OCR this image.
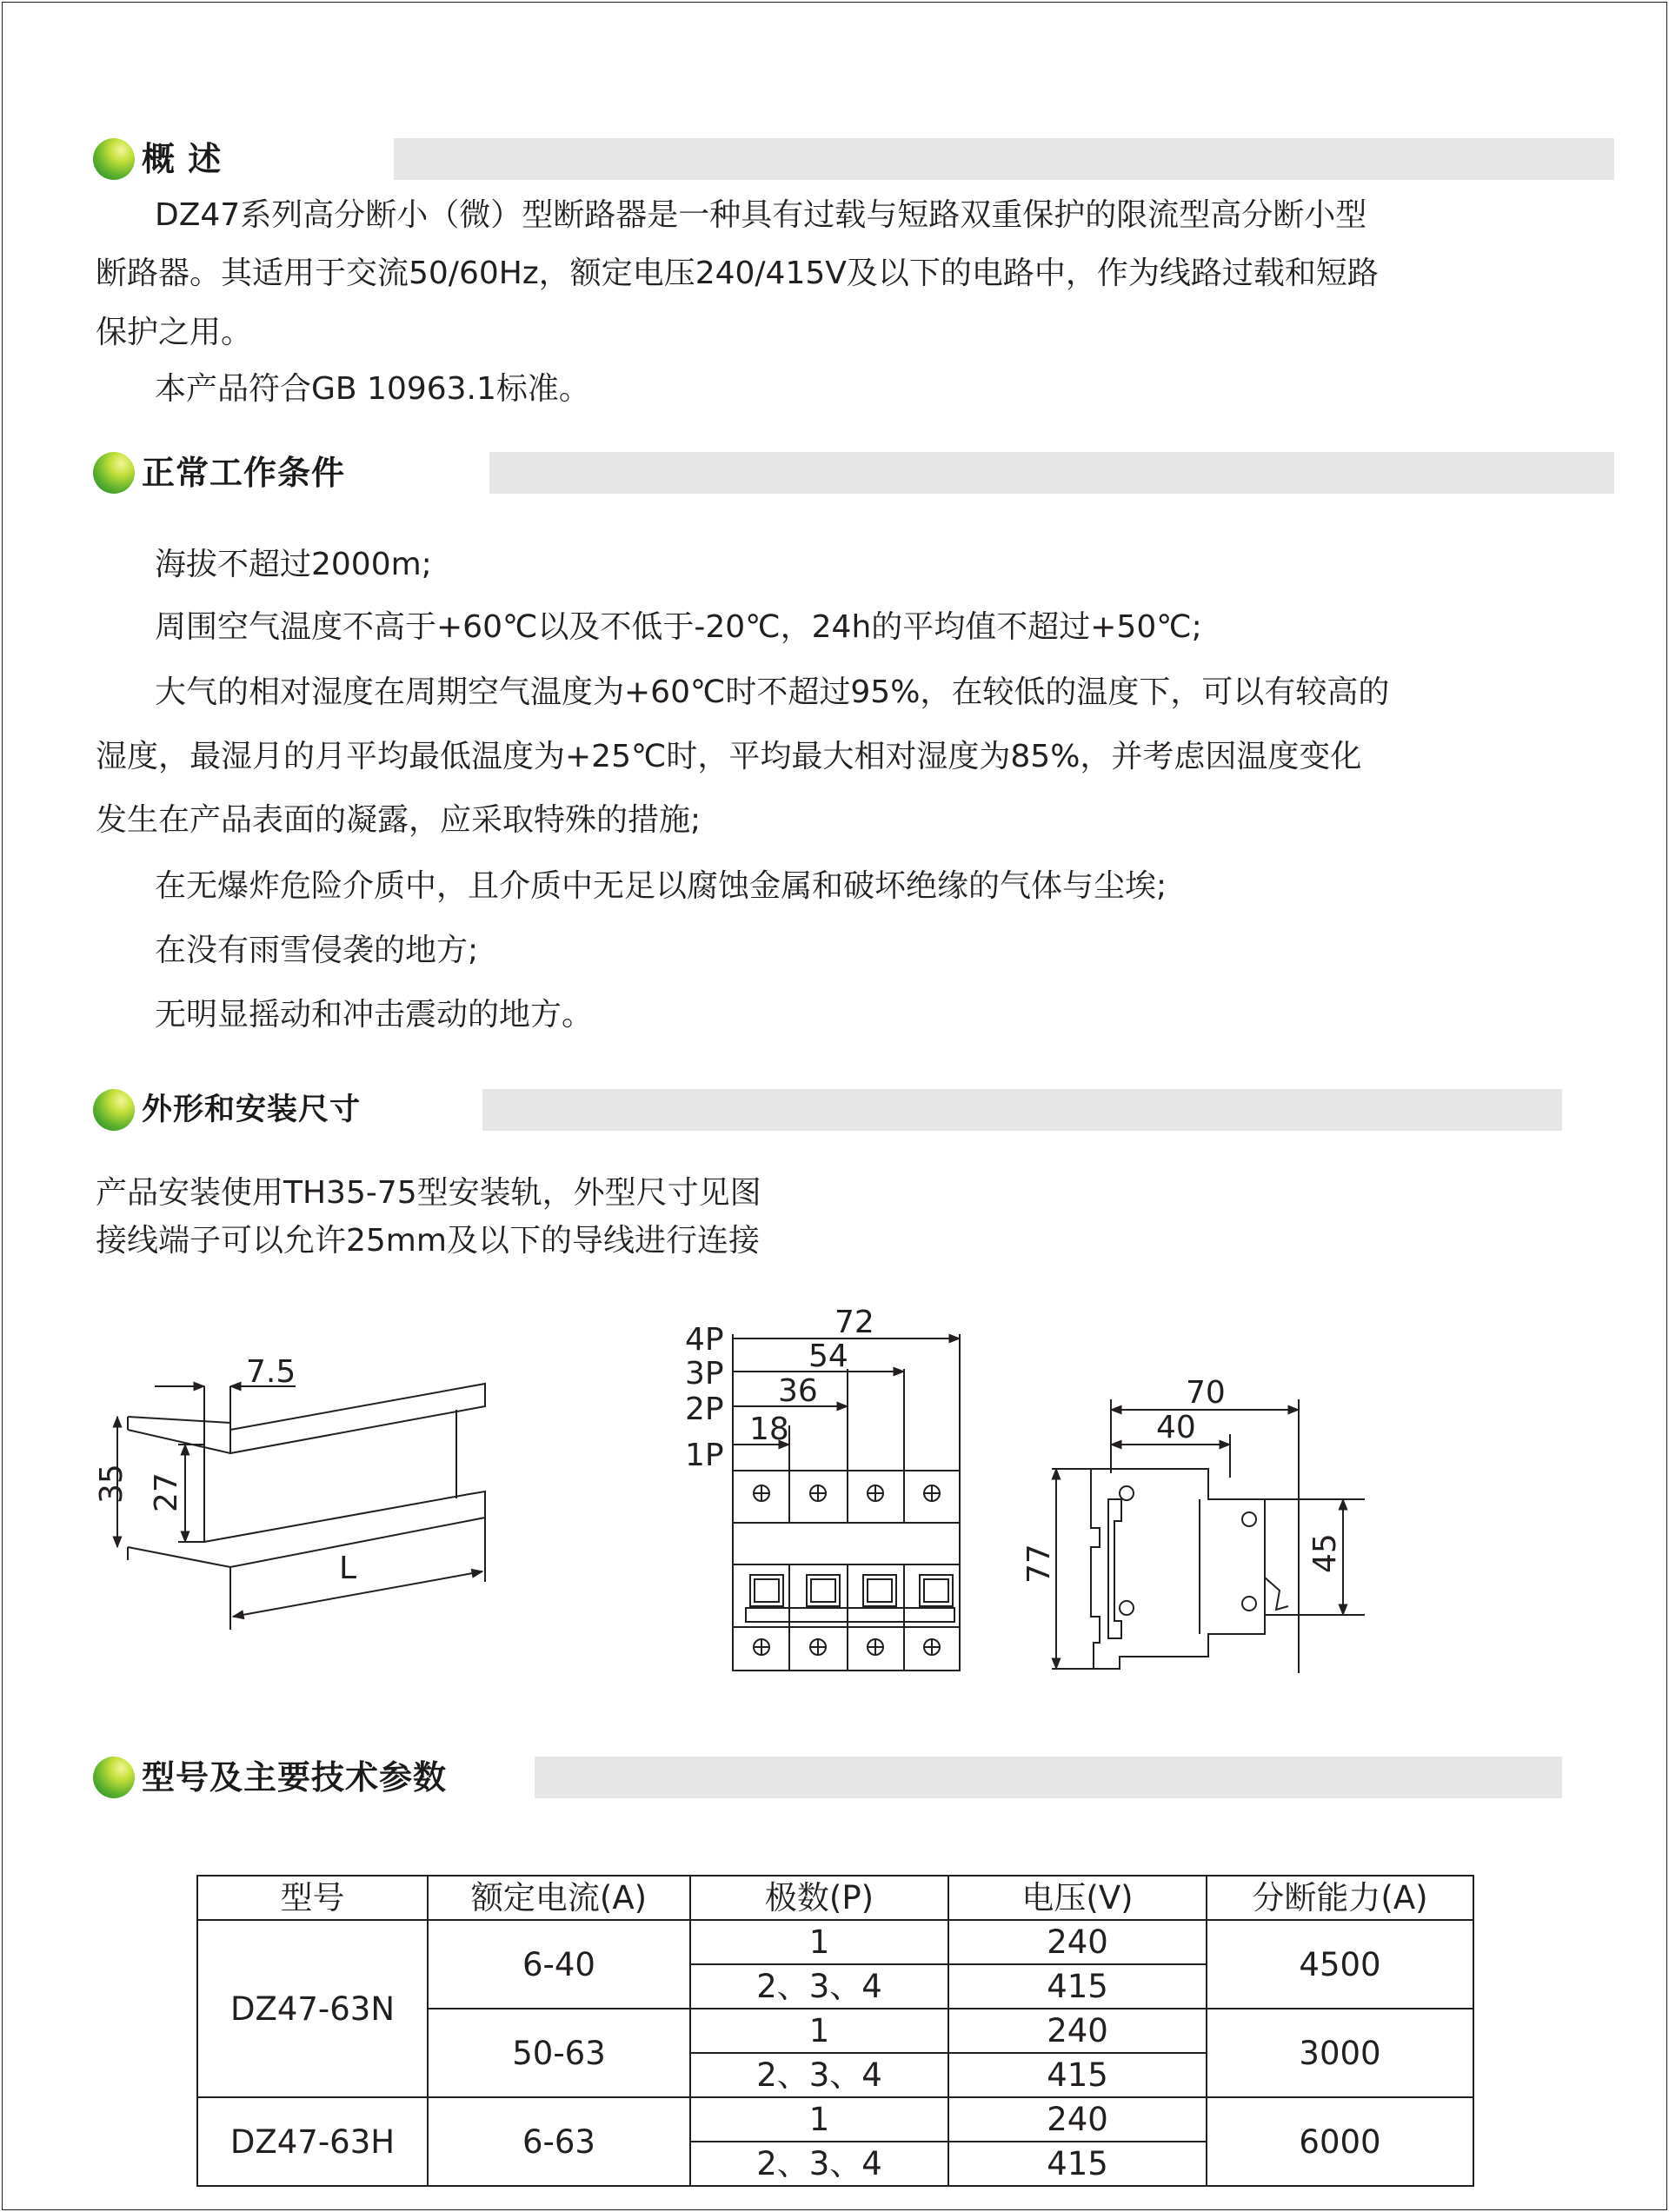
概 述
DZ47系列高分断小（微）型断路器是一种具有过载与短路双重保护的限流型高分断小型
断路器。其适用于交流50/60Hz，额定电压240/415V及以下的电路中，作为线路过载和短路
保护之用。
本产品符合GB 10963.1标准。
正常工作条件
海拔不超过2000m;
周围空气温度不高于+60℃以及不低于-20℃，24h的平均值不超过+50℃;
大气的相对湿度在周期空气温度为+60℃时不超过95%，在较低的温度下，可以有较高的
湿度，最湿月的月平均最低温度为+25℃时，平均最大相对湿度为85%，并考虑因温度变化
发生在产品表面的凝露，应采取特殊的措施;
在无爆炸危险介质中，且介质中无足以腐蚀金属和破坏绝缘的气体与尘埃;
在没有雨雪侵袭的地方;
无明显摇动和冲击震动的地方。
外形和安装尺寸
产品安装使用TH35-75型安装轨，外型尺寸见图
接线端子可以允许25mm及以下的导线进行连接
7.5
35 27
L
4P
3P
2P
1P
72
54
36
18
70
40
77	45
型号及主要技术参数
型号	额定电流(A)	极数(P)	电压(V)	分断能力(A)
DZ47-63N	6-40	1	240	4500
		2、3、4	415	
	50-63	1	240	3000
		2、3、4	415	
DZ47-63H	6-63	1	240	6000
		2、3、4	415	
